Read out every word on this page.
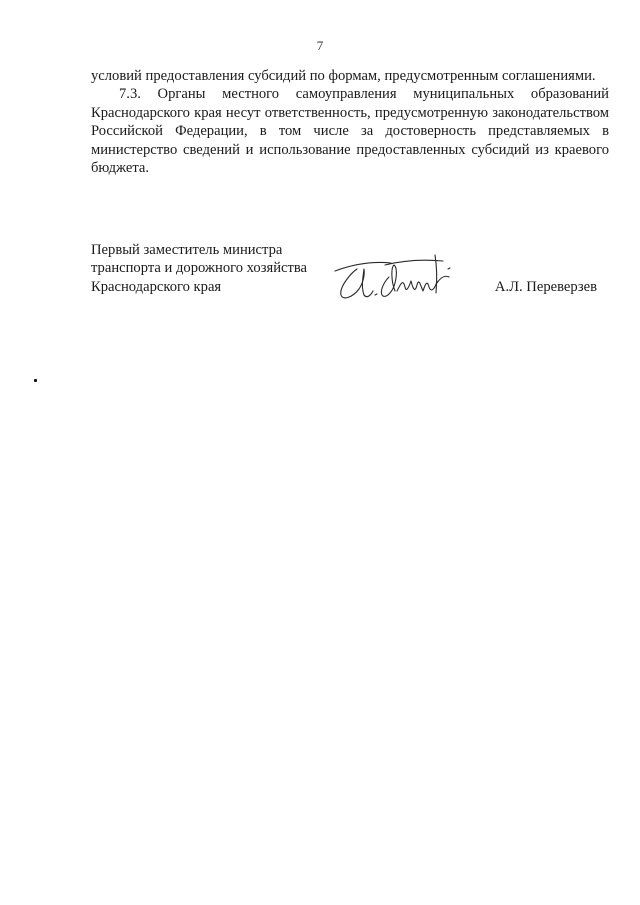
7

условий предоставления субсидий по формам, предусмотренным соглашениями.

7.3. Органы местного самоуправления муниципальных образований Краснодарского края несут ответственность, предусмотренную законодательством Российской Федерации, в том числе за достоверность представляемых в министерство сведений и использование предоставленных субсидий из краевого бюджета.

Первый заместитель министра
транспорта и дорожного хозяйства
Краснодарского края	А.Л. Переверзев
